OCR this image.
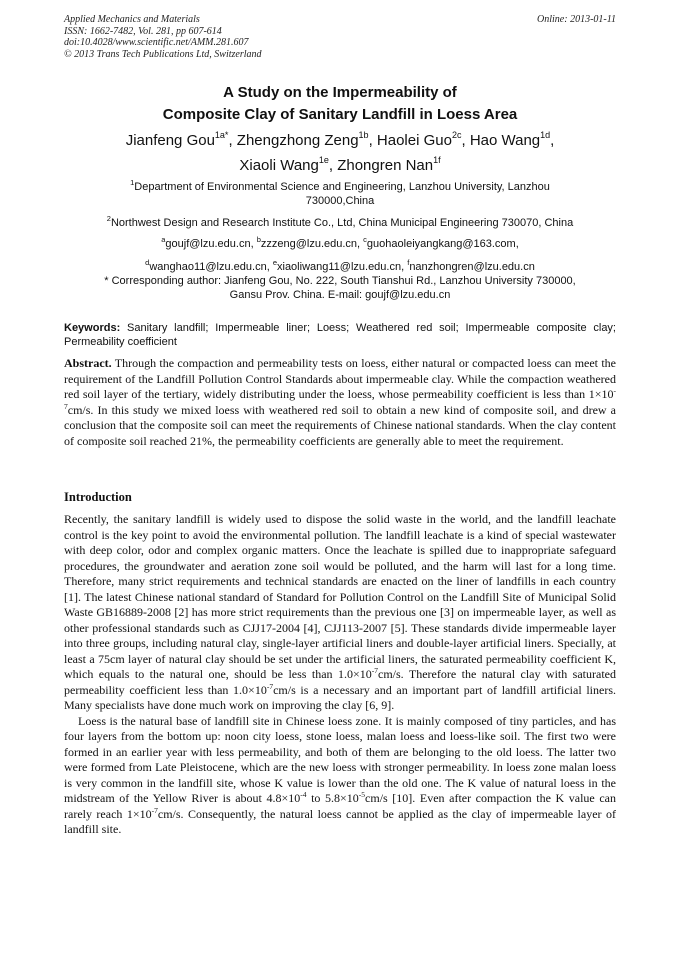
Applied Mechanics and Materials
ISSN: 1662-7482, Vol. 281, pp 607-614
doi:10.4028/www.scientific.net/AMM.281.607
© 2013 Trans Tech Publications Ltd, Switzerland
Online: 2013-01-11
A Study on the Impermeability of
Composite Clay of Sanitary Landfill in Loess Area
Jianfeng Gou$^{1a*}$, Zhengzhong Zeng$^{1b}$, Haolei Guo$^{2c}$, Hao Wang$^{1d}$,
Xiaoli Wang$^{1e}$, Zhongren Nan$^{1f}$
$^1$Department of Environmental Science and Engineering, Lanzhou University, Lanzhou
730000,China
$^2$Northwest Design and Research Institute Co., Ltd, China Municipal Engineering 730070, China
$^a$goujf@lzu.edu.cn, $^b$zzzeng@lzu.edu.cn, $^c$guohaoleiyangkang@163.com,
$^d$wanghao11@lzu.edu.cn, $^e$xiaoliwang11@lzu.edu.cn, $^f$nanzhongren@lzu.edu.cn
* Corresponding author: Jianfeng Gou, No. 222, South Tianshui Rd., Lanzhou University 730000,
Gansu Prov. China. E-mail: goujf@lzu.edu.cn
Keywords: Sanitary landfill; Impermeable liner; Loess; Weathered red soil; Impermeable composite clay; Permeability coefficient
Abstract. Through the compaction and permeability tests on loess, either natural or compacted loess can meet the requirement of the Landfill Pollution Control Standards about impermeable clay. While the compaction weathered red soil layer of the tertiary, widely distributing under the loess, whose permeability coefficient is less than $1\times 10^{-7}cm/s$. In this study we mixed loess with weathered red soil to obtain a new kind of composite soil, and drew a conclusion that the composite soil can meet the requirements of Chinese national standards. When the clay content of composite soil reached 21%, the permeability coefficients are generally able to meet the requirement.
Introduction

Recently, the sanitary landfill is widely used to dispose the solid waste in the world, and the landfill leachate control is the key point to avoid the environmental pollution. The landfill leachate is a kind of special wastewater with deep color, odor and complex organic matters. Once the leachate is spilled due to inappropriate safeguard procedures, the groundwater and aeration zone soil would be polluted, and the harm will last for a long time. Therefore, many strict requirements and technical standards are enacted on the liner of landfills in each country [1]. The latest Chinese national standard of Standard for Pollution Control on the Landfill Site of Municipal Solid Waste GB16889-2008 [2] has more strict requirements than the previous one [3] on impermeable layer, as well as other professional standards such as CJJ17-2004 [4], CJJ113-2007 [5]. These standards divide impermeable layer into three groups, including natural clay, single-layer artificial liners and double-layer artificial liners. Specially, at least a 75cm layer of natural clay should be set under the artificial liners, the saturated permeability coefficient K, which equals to the natural one, should be less than $1.0\times 10^{-7}cm/s$. Therefore the natural clay with saturated permeability coefficient less than $1.0\times 10^{-7}cm/s$ is a necessary and an important part of landfill artificial liners. Many specialists have done much work on improving the clay [6, 9].

Loess is the natural base of landfill site in Chinese loess zone. It is mainly composed of tiny particles, and has four layers from the bottom up: noon city loess, stone loess, malan loess and loess-like soil. The first two were formed in an earlier year with less permeability, and both of them are belonging to the old loess. The latter two were formed from Late Pleistocene, which are the new loess with stronger permeability. In loess zone malan loess is very common in the landfill site, whose K value is lower than the old one. The K value of natural loess in the midstream of the Yellow River is about $4.8\times 10^{-4}$ to $5.8\times 10^{-5}cm/s$ [10]. Even after compaction the K value can rarely reach $1\times 10^{-7}cm/s$. Consequently, the natural loess cannot be applied as the clay of impermeable layer of landfill site.
